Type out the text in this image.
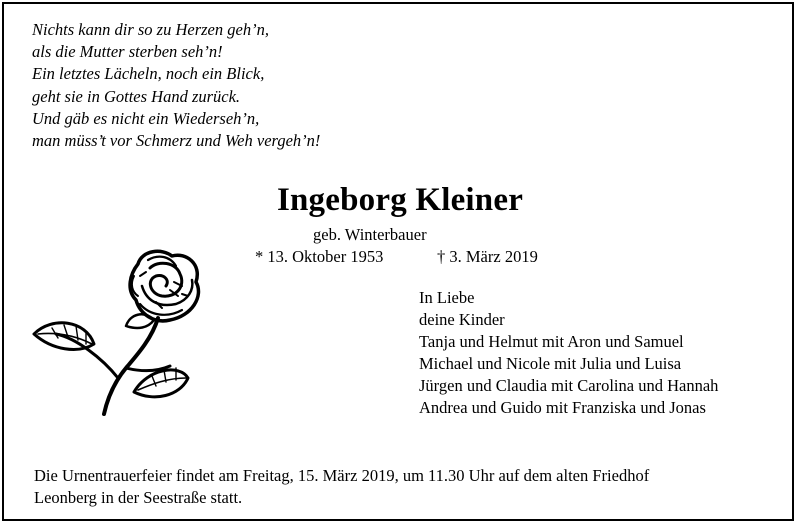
Nichts kann dir so zu Herzen geh’n,
als die Mutter sterben seh’n!
Ein letztes Lächeln, noch ein Blick,
geht sie in Gottes Hand zurück.
Und gäb es nicht ein Wiederseh’n,
man müss’t vor Schmerz und Weh vergeh’n!
Ingeborg Kleiner
geb. Winterbauer
* 13. Oktober 1953	† 3. März 2019
In Liebe
deine Kinder
Tanja und Helmut mit Aron und Samuel
Michael und Nicole mit Julia und Luisa
Jürgen und Claudia mit Carolina und Hannah
Andrea und Guido mit Franziska und Jonas
Die Urnentrauerfeier findet am Freitag, 15. März 2019, um 11.30 Uhr auf dem alten Friedhof
Leonberg in der Seestraße statt.
